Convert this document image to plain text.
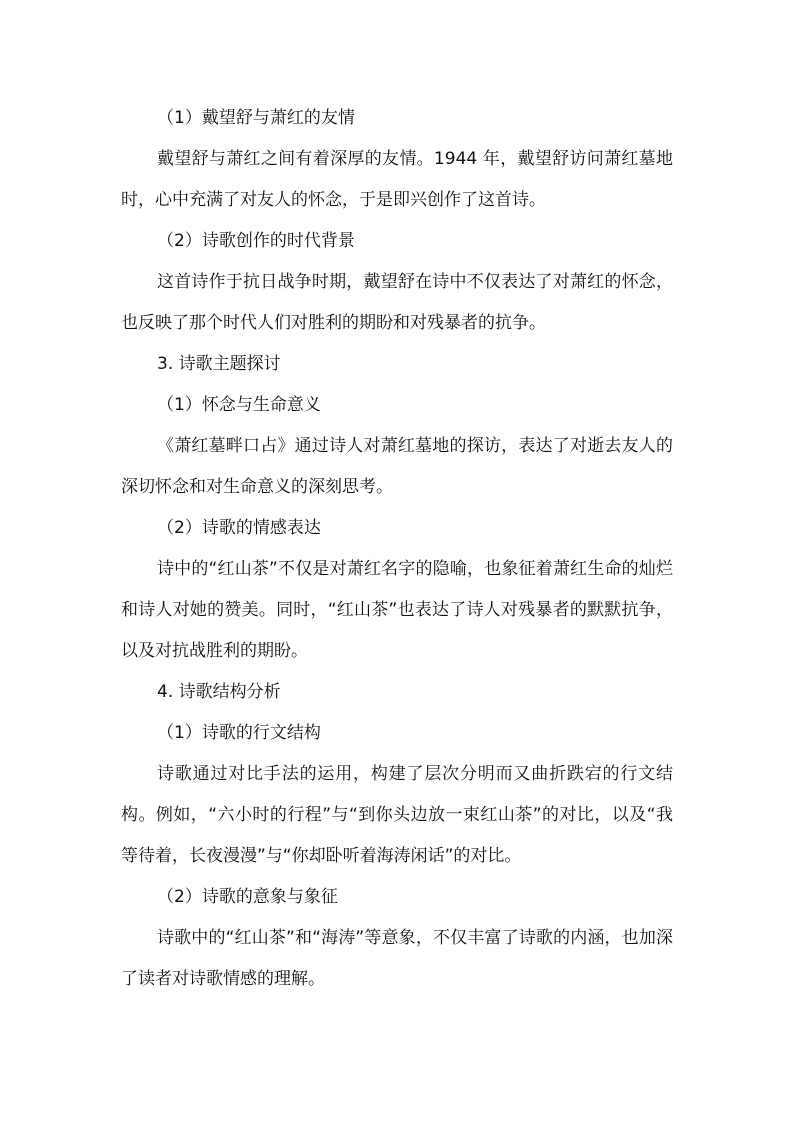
（1）戴望舒与萧红的友情

戴望舒与萧红之间有着深厚的友情。1944 年，戴望舒访问萧红墓地时，心中充满了对友人的怀念，于是即兴创作了这首诗。

（2）诗歌创作的时代背景

这首诗作于抗日战争时期，戴望舒在诗中不仅表达了对萧红的怀念，也反映了那个时代人们对胜利的期盼和对残暴者的抗争。

3. 诗歌主题探讨

（1）怀念与生命意义

《萧红墓畔口占》通过诗人对萧红墓地的探访，表达了对逝去友人的深切怀念和对生命意义的深刻思考。

（2）诗歌的情感表达

诗中的“红山茶”不仅是对萧红名字的隐喻，也象征着萧红生命的灿烂和诗人对她的赞美。同时，“红山茶”也表达了诗人对残暴者的默默抗争，以及对抗战胜利的期盼。

4. 诗歌结构分析

（1）诗歌的行文结构

诗歌通过对比手法的运用，构建了层次分明而又曲折跌宕的行文结构。例如，“六小时的行程”与“到你头边放一束红山茶”的对比，以及“我等待着，长夜漫漫”与“你却卧听着海涛闲话”的对比。

（2）诗歌的意象与象征

诗歌中的“红山茶”和“海涛”等意象，不仅丰富了诗歌的内涵，也加深了读者对诗歌情感的理解。
